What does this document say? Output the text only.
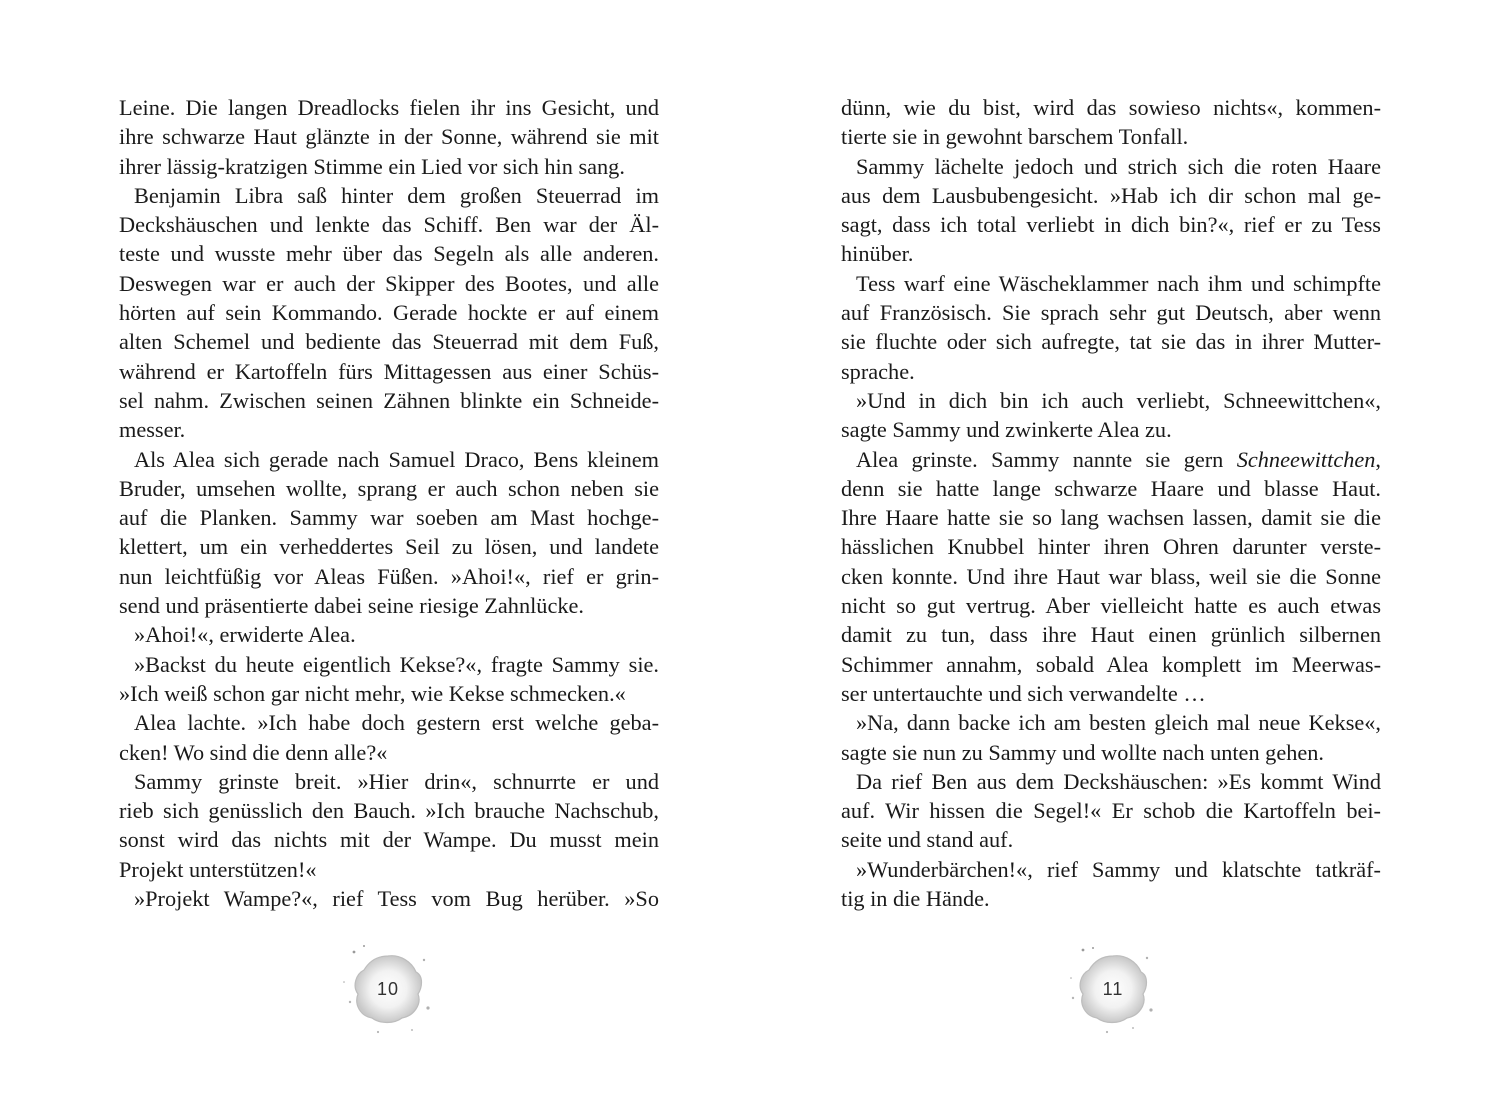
Leine. Die langen Dreadlocks fielen ihr ins Gesicht, und
ihre schwarze Haut glänzte in der Sonne, während sie mit
ihrer lässig-kratzigen Stimme ein Lied vor sich hin sang.
Benjamin Libra saß hinter dem großen Steuerrad im
Deckshäuschen und lenkte das Schiff. Ben war der Äl-
teste und wusste mehr über das Segeln als alle anderen.
Deswegen war er auch der Skipper des Bootes, und alle
hörten auf sein Kommando. Gerade hockte er auf einem
alten Schemel und bediente das Steuerrad mit dem Fuß,
während er Kartoffeln fürs Mittagessen aus einer Schüs-
sel nahm. Zwischen seinen Zähnen blinkte ein Schneide-
messer.
Als Alea sich gerade nach Samuel Draco, Bens kleinem
Bruder, umsehen wollte, sprang er auch schon neben sie
auf die Planken. Sammy war soeben am Mast hochge-
klettert, um ein verheddertes Seil zu lösen, und landete
nun leichtfüßig vor Aleas Füßen. »Ahoi!«, rief er grin-
send und präsentierte dabei seine riesige Zahnlücke.
»Ahoi!«, erwiderte Alea.
»Backst du heute eigentlich Kekse?«, fragte Sammy sie.
»Ich weiß schon gar nicht mehr, wie Kekse schmecken.«
Alea lachte. »Ich habe doch gestern erst welche geba-
cken! Wo sind die denn alle?«
Sammy grinste breit. »Hier drin«, schnurrte er und
rieb sich genüsslich den Bauch. »Ich brauche Nachschub,
sonst wird das nichts mit der Wampe. Du musst mein
Projekt unterstützen!«
»Projekt Wampe?«, rief Tess vom Bug herüber. »So
10
dünn, wie du bist, wird das sowieso nichts«, kommen-
tierte sie in gewohnt barschem Tonfall.
Sammy lächelte jedoch und strich sich die roten Haare
aus dem Lausbubengesicht. »Hab ich dir schon mal ge-
sagt, dass ich total verliebt in dich bin?«, rief er zu Tess
hinüber.
Tess warf eine Wäscheklammer nach ihm und schimpfte
auf Französisch. Sie sprach sehr gut Deutsch, aber wenn
sie fluchte oder sich aufregte, tat sie das in ihrer Mutter-
sprache.
»Und in dich bin ich auch verliebt, Schneewittchen«,
sagte Sammy und zwinkerte Alea zu.
Alea grinste. Sammy nannte sie gern Schneewittchen,
denn sie hatte lange schwarze Haare und blasse Haut.
Ihre Haare hatte sie so lang wachsen lassen, damit sie die
hässlichen Knubbel hinter ihren Ohren darunter verste-
cken konnte. Und ihre Haut war blass, weil sie die Sonne
nicht so gut vertrug. Aber vielleicht hatte es auch etwas
damit zu tun, dass ihre Haut einen grünlich silbernen
Schimmer annahm, sobald Alea komplett im Meerwas-
ser untertauchte und sich verwandelte …
»Na, dann backe ich am besten gleich mal neue Kekse«,
sagte sie nun zu Sammy und wollte nach unten gehen.
Da rief Ben aus dem Deckshäuschen: »Es kommt Wind
auf. Wir hissen die Segel!« Er schob die Kartoffeln bei-
seite und stand auf.
»Wunderbärchen!«, rief Sammy und klatschte tatkräf-
tig in die Hände.
11
